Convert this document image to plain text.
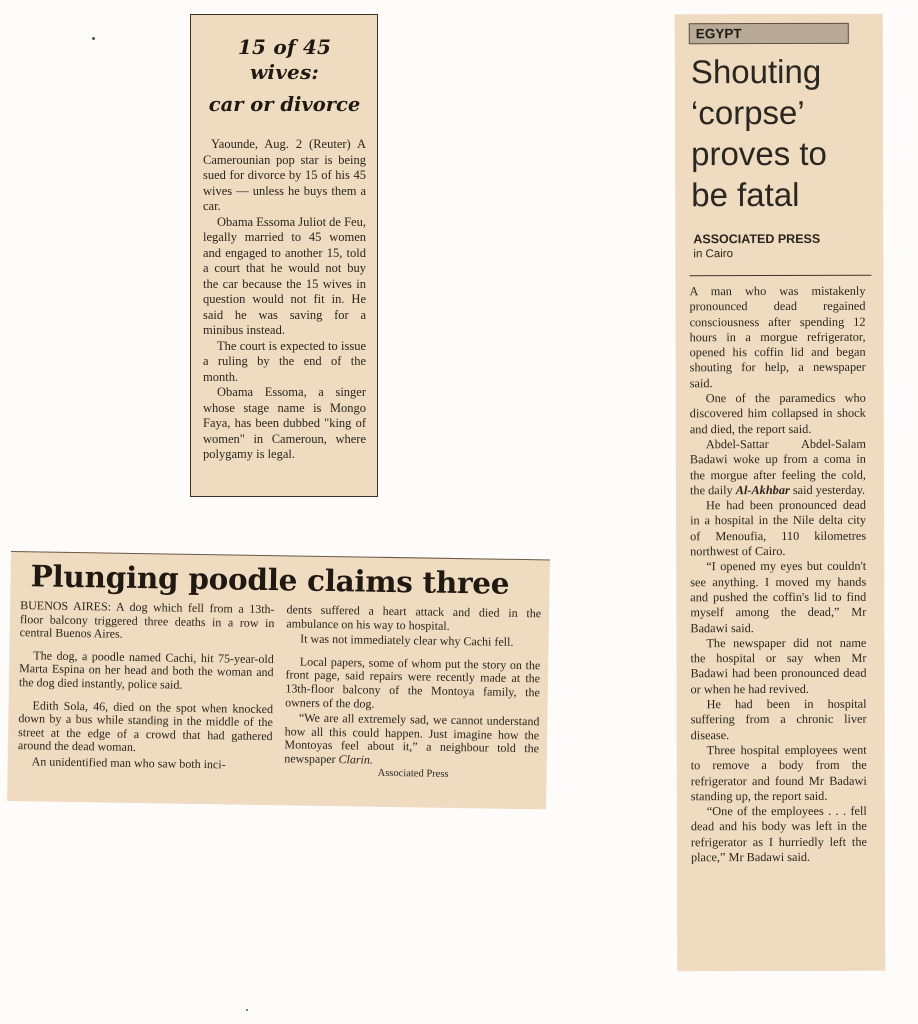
15 of 45 wives:
car or divorce

Yaounde, Aug. 2 (Reuter) A Camerounian pop star is being sued for divorce by 15 of his 45 wives — unless he buys them a car.

Obama Essoma Juliot de Feu, legally married to 45 women and engaged to another 15, told a court that he would not buy the car because the 15 wives in question would not fit in. He said he was saving for a minibus instead.

The court is expected to issue a ruling by the end of the month.

Obama Essoma, a singer whose stage name is Mongo Faya, has been dubbed "king of women" in Cameroun, where polygamy is legal.

Plunging poodle claims three

BUENOS AIRES: A dog which fell from a 13th-floor balcony triggered three deaths in a row in central Buenos Aires.

The dog, a poodle named Cachi, hit 75-year-old Marta Espina on her head and both the woman and the dog died instantly, police said.

Edith Sola, 46, died on the spot when knocked down by a bus while standing in the middle of the street at the edge of a crowd that had gathered around the dead woman.

An unidentified man who saw both inci-

dents suffered a heart attack and died in the ambulance on his way to hospital.

It was not immediately clear why Cachi fell.

Local papers, some of whom put the story on the front page, said repairs were recently made at the 13th-floor balcony of the Montoya family, the owners of the dog.

“We are all extremely sad, we cannot understand how all this could happen. Just imagine how the Montoyas feel about it,” a neighbour told the newspaper Clarin.

Associated Press
EGYPT
Shouting
‘corpse’
proves to
be fatal
ASSOCIATED PRESS
in Cairo

A man who was mistakenly pronounced dead regained consciousness after spending 12 hours in a morgue refrigerator, opened his coffin lid and began shouting for help, a newspaper said.

One of the paramedics who discovered him collapsed in shock and died, the report said.

Abdel-Sattar Abdel-Salam Badawi woke up from a coma in the morgue after feeling the cold, the daily Al-Akhbar said yesterday.

He had been pronounced dead in a hospital in the Nile delta city of Menoufia, 110 kilometres northwest of Cairo.

“I opened my eyes but couldn't see anything. I moved my hands and pushed the coffin's lid to find myself among the dead,” Mr Badawi said.

The newspaper did not name the hospital or say when Mr Badawi had been pronounced dead or when he had revived.

He had been in hospital suffering from a chronic liver disease.

Three hospital employees went to remove a body from the refrigerator and found Mr Badawi standing up, the report said.

“One of the employees . . . fell dead and his body was left in the refrigerator as I hurriedly left the place,” Mr Badawi said.
